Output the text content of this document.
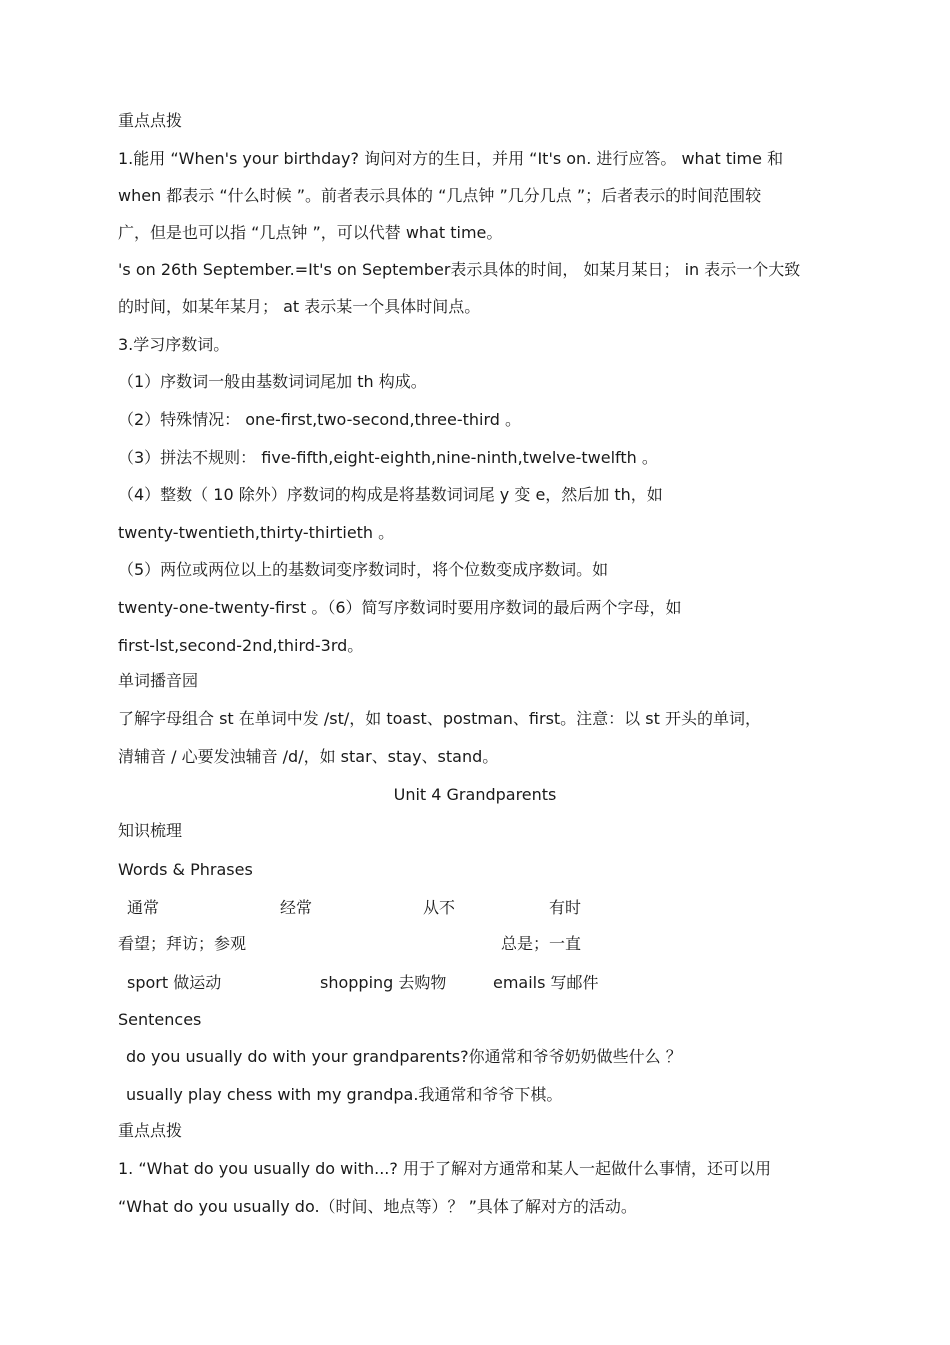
重点点拨
1.能用 “When's your birthday? 询问对方的生日，并用 “It's on. 进行应答。 what time 和
when 都表示 “什么时候 ”。前者表示具体的 “几点钟 ”几分几点 ”；后者表示的时间范围较
广，但是也可以指 “几点钟 ”，可以代替 what time。
's on 26th September.=It's on September表示具体的时间， 如某月某日； in 表示一个大致
的时间，如某年某月； at 表示某一个具体时间点。
3.学习序数词。
（1）序数词一般由基数词词尾加 th 构成。
（2）特殊情况： one-first,two-second,three-third 。
（3）拼法不规则： five-fifth,eight-eighth,nine-ninth,twelve-twelfth 。
（4）整数（ 10 除外）序数词的构成是将基数词词尾 y 变 e，然后加 th，如
twenty-twentieth,thirty-thirtieth 。
（5）两位或两位以上的基数词变序数词时，将个位数变成序数词。如
twenty-one-twenty-first 。（6）简写序数词时要用序数词的最后两个字母，如
first-lst,second-2nd,third-3rd。
单词播音园
了解字母组合 st 在单词中发 /st/，如 toast、postman、first。注意：以 st 开头的单词，
清辅音 / 心要发浊辅音 /d/，如 star、stay、stand。
Unit 4 Grandparents
知识梳理
Words & Phrases
通常	经常	从不	有时
看望；拜访；参观	总是；一直
sport 做运动	shopping 去购物	emails 写邮件
Sentences
do you usually do with your grandparents?你通常和爷爷奶奶做些什么 ？
usually play chess with my grandpa.我通常和爷爷下棋。
重点点拨
1. “What do you usually do with...? 用于了解对方通常和某人一起做什么事情，还可以用
“What do you usually do.（时间、地点等）？ ”具体了解对方的活动。
